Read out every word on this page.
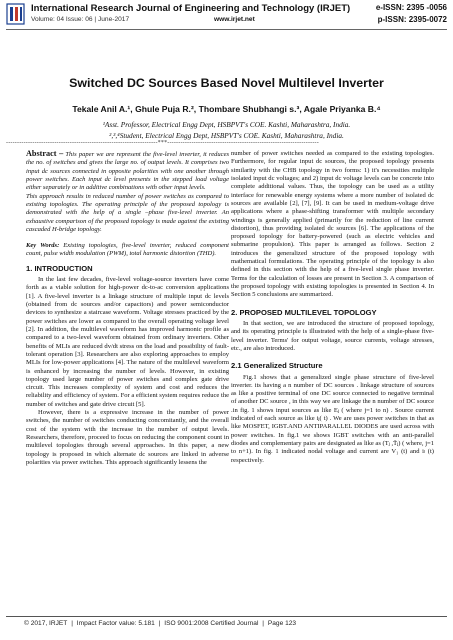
International Research Journal of Engineering and Technology (IRJET)	e-ISSN: 2395 -0056
Volume: 04 Issue: 06 | June-2017	www.irjet.net	p-ISSN: 2395-0072
Switched DC Sources Based Novel Multilevel Inverter
Tekale Anil A.¹, Ghule Puja R.², Thombare Shubhangi s.³, Agale Priyanka B.⁴
¹Asst. Professor, Electrical Engg Dept, HSBPVT's COE. Kashti, Maharashtra, India.
²,³,⁴Student, Electrical Engg Dept, HSBPVT's COE. Kashti, Maharashtra, India.
---------------------------------------------------------------------***---------------------------------------------------------------------

Abstract – This paper we are represent the five-level inverter, it reduces the no. of switches and gives the large no. of output levels. It comprises two input dc sources connected in opposite polarities with one another through power switches. Each input dc level presents in the stepped load voltage either separately or in additive combinations with other input levels.

This approach results in reduced number of power switches as compared to existing topologies. The operating principle of the proposed topology is demonstrated with the help of a single –phase five-level inverter. An exhaustive comparison of the proposed topology is made against the existing cascaded H-bridge topology.

Key Words: Existing topologies, five-level inverter, reduced component count, pulse width modulation (PWM), total harmonic distortion (THD).

1. INTRODUCTION

In the last few decades, five-level voltage-source inverters have come forth as a viable solution for high-power dc-to-ac conversion applications [1]. A five-level inverter is a linkage structure of multiple input dc levels (obtained from dc sources and/or capacitors) and power semiconductor devices to synthesize a staircase waveform. Voltage stresses practiced by the power switches are lower as compared to the overall operating voltage level [2]. In addition, the multilevel waveform has improved harmonic profile as compared to a two-level waveform obtained from ordinary inverters. Other benefits of MLIs are reduced dv/dt stress on the load and possibility of fault-tolerant operation [3]. Researchers are also exploring approaches to employ MLIs for low-power applications [4]. The nature of the multilevel waveform is enhanced by increasing the number of levels. However, in existing topology used large number of power switches and complex gate drive circuit. This increases complexity of system and cost and reduces the reliability and efficiency of system. For a efficient system requires reduce the number of switches and gate drive circuit [5].

However, there is a expressive increase in the number of power switches, the number of switches conducting concomitantly, and the overall cost of the system with the increase in the number of output levels. Researchers, therefore, proceed to focus on reducing the component count in multilevel topologies through several approaches. In this paper, a new topology is proposed in which alternate dc sources are linked in adverse polarities via power switches. This approach significantly lessens the

number of power switches needed as compared to the existing topologies. Furthermore, for regular input dc sources, the proposed topology presents similarity with the CHB topology in two forms: 1) it's necessities multiple isolated input dc voltages; and 2) input dc voltage levels can be concrete into complete additional values. Thus, the topology can be used as a utility interface for renewable energy systems where a more number of isolated dc sources are available [2], [7], [9]. It can be used in medium-voltage drive applications where a phase-shifting transformer with multiple secondary windings is generally applied (primarily for the reduction of line current distortion), thus providing isolated dc sources [6]. The applications of the proposed topology for battery-powered (such as electric vehicles and submarine propulsion). This paper is arranged as follows. Section 2 introduces the generalized structure of the proposed topology with mathematical formulations. The operating principle of the topology is also defined in this section with the help of a five-level single phase inverter. Terms for the calculation of losses are present in Section 3. A comparison of the proposed topology with existing topologies is presented in Section 4. In Section 5 conclusions are summarized.

2. PROPOSED MULTILEVEL TOPOLOGY

In that section, we are introduced the structure of proposed topology, and its operating principle is illustrated with the help of a single-phase five-level inverter. Terms' for output voltage, source currents, voltage stresses, etc., are also introduced.

2.1 Generalized Structure

Fig.1 shows that a generalized single phase structure of five-level inverter. its having a n number of DC sources . linkage structure of sources as like a positive terminal of one DC source connected to negative terminal of another DC source , in this way we are linkage the n number of DC source .in fig. 1 shows input sources as like Eⱼ ( where j=1 to n) . Source current indicated of each source as like iⱼ( t) . We are uses power switches in that as like MOSFET, IGBT.AND ANTIPARALLEL DIODES are used across with power switches. In fig.1 we shows IGBT switches with an anti-parallel diodes and complementary pairs are designated as like as (Tⱼ ,T̄ⱼ) ( where, j=1 to n+1). In fig. 1 indicated nodal voltage and current are V₁ (t) and iₗ (t) respectively.

© 2017, IRJET | Impact Factor value: 5.181 | ISO 9001:2008 Certified Journal | Page 123
